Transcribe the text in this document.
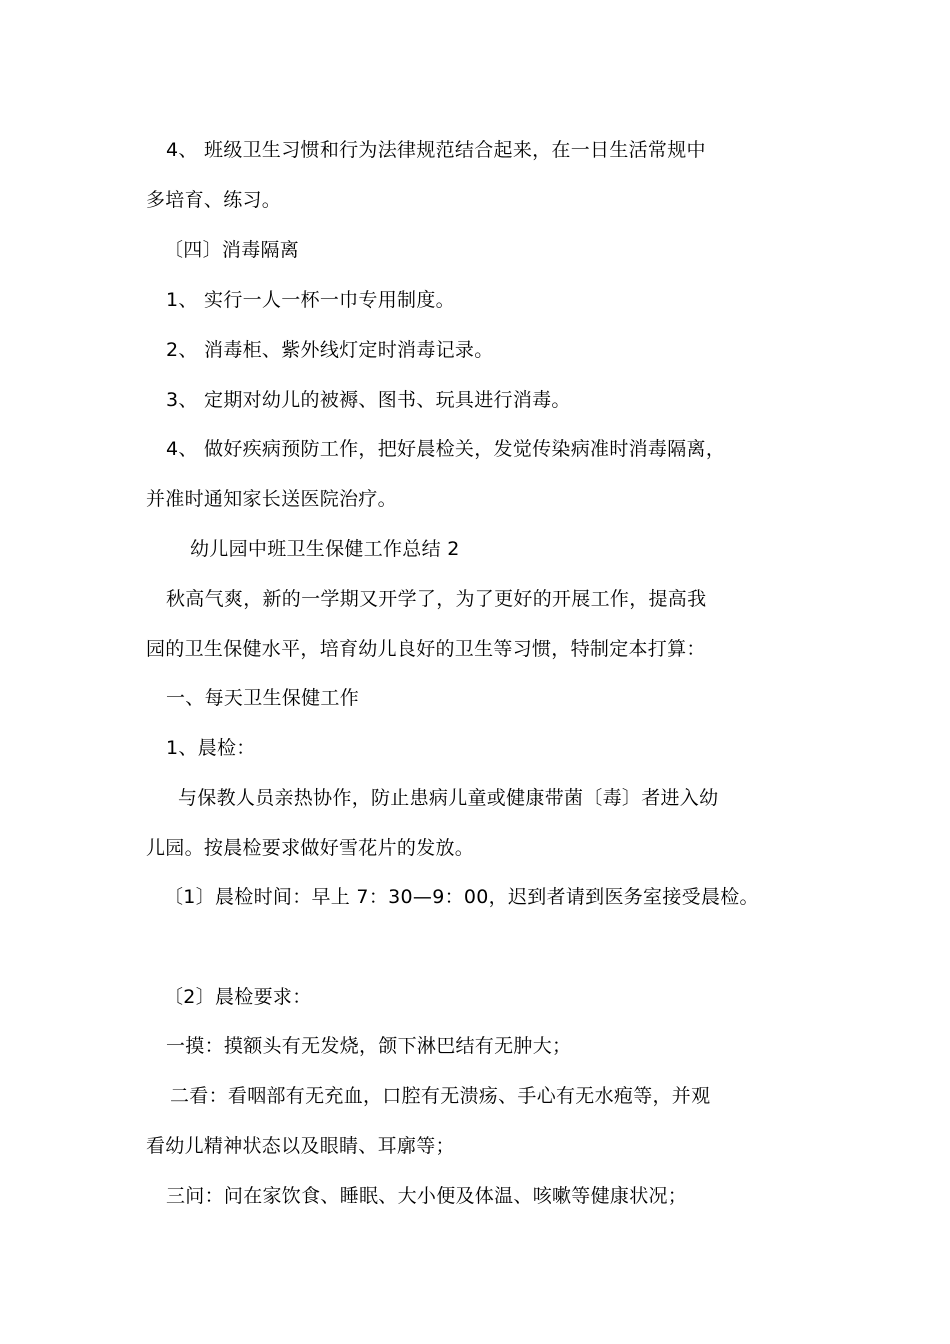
4、 班级卫生习惯和行为法律规范结合起来，在一日生活常规中
多培育、练习。
〔四〕消毒隔离
1、 实行一人一杯一巾专用制度。
2、 消毒柜、紫外线灯定时消毒记录。
3、 定期对幼儿的被褥、图书、玩具进行消毒。
4、 做好疾病预防工作，把好晨检关，发觉传染病准时消毒隔离，
并准时通知家长送医院治疗。
幼儿园中班卫生保健工作总结 2
秋高气爽，新的一学期又开学了，为了更好的开展工作，提高我
园的卫生保健水平，培育幼儿良好的卫生等习惯，特制定本打算：
一、每天卫生保健工作
1、晨检：
与保教人员亲热协作，防止患病儿童或健康带菌〔毒〕者进入幼
儿园。按晨检要求做好雪花片的发放。
〔1〕晨检时间：早上 7：30—9：00，迟到者请到医务室接受晨检。
〔2〕晨检要求：
一摸：摸额头有无发烧，颌下淋巴结有无肿大；
二看：看咽部有无充血，口腔有无溃疡、手心有无水疱等，并观
看幼儿精神状态以及眼睛、耳廓等；
三问：问在家饮食、睡眠、大小便及体温、咳嗽等健康状况；
